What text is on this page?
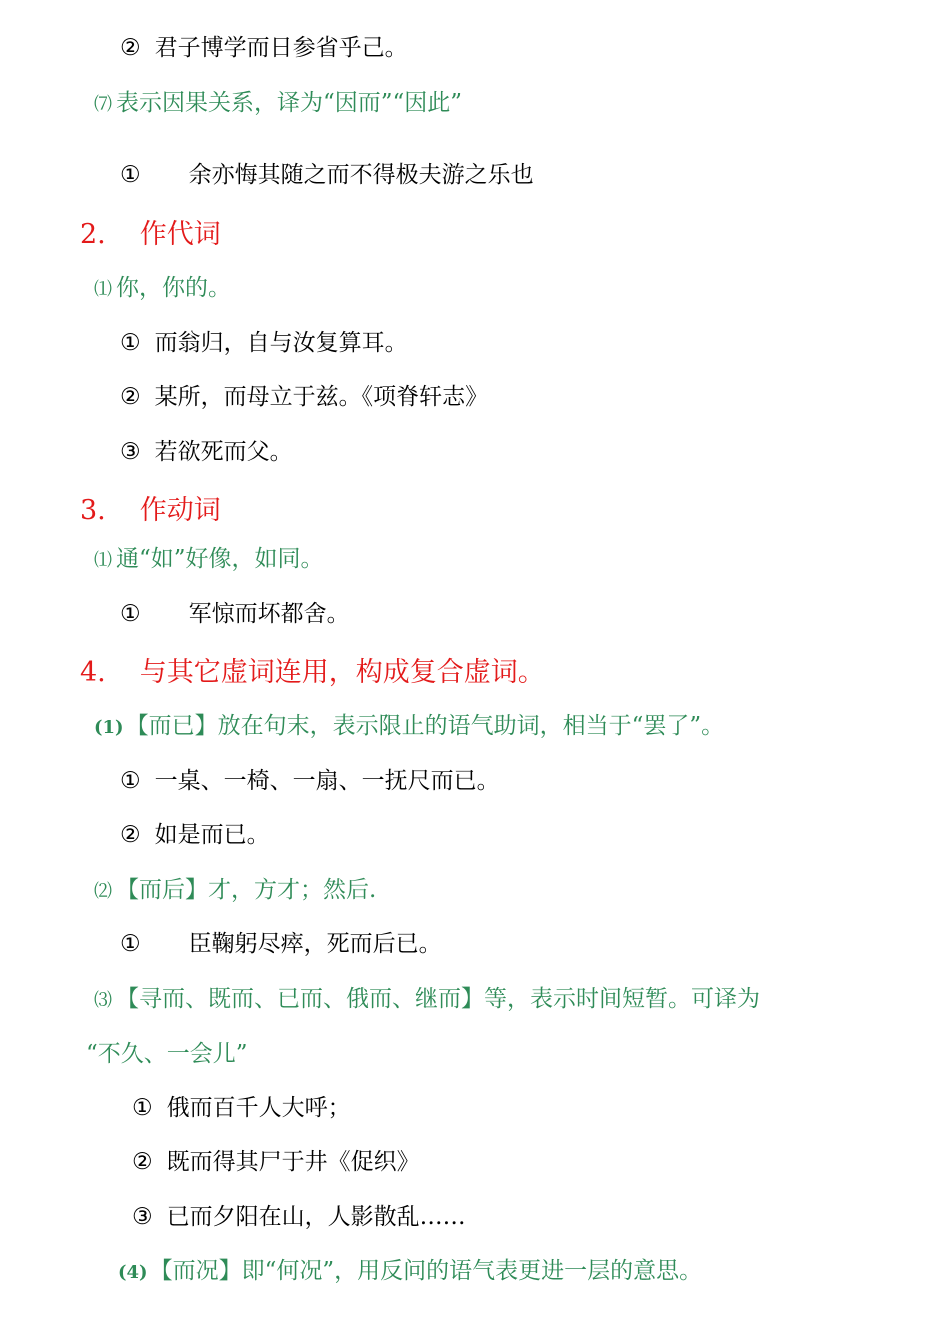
② 君子博学而日参省乎己。
⑺ 表示因果关系，译为“因而”“因此”
① 余亦悔其随之而不得极夫游之乐也
2. 作代词
⑴ 你，你的。
① 而翁归，自与汝复算耳。
② 某所，而母立于兹。《项脊轩志》
③ 若欲死而父。
3. 作动词
⑴ 通“如”好像，如同。
① 军惊而坏都舍。
4. 与其它虚词连用，构成复合虚词。
(1)【而已】放在句末，表示限止的语气助词，相当于“罢了”。
① 一桌、一椅、一扇、一抚尺而已。
② 如是而已。
⑵ 【而后】才，方才；然后.
① 臣鞠躬尽瘁，死而后已。
⑶ 【寻而、既而、已而、俄而、继而】等，表示时间短暂。可译为
“不久、一会儿”
① 俄而百千人大呼；
② 既而得其尸于井《促织》
③ 已而夕阳在山，人影散乱……
(4)【而况】即“何况”，用反问的语气表更进一层的意思。
